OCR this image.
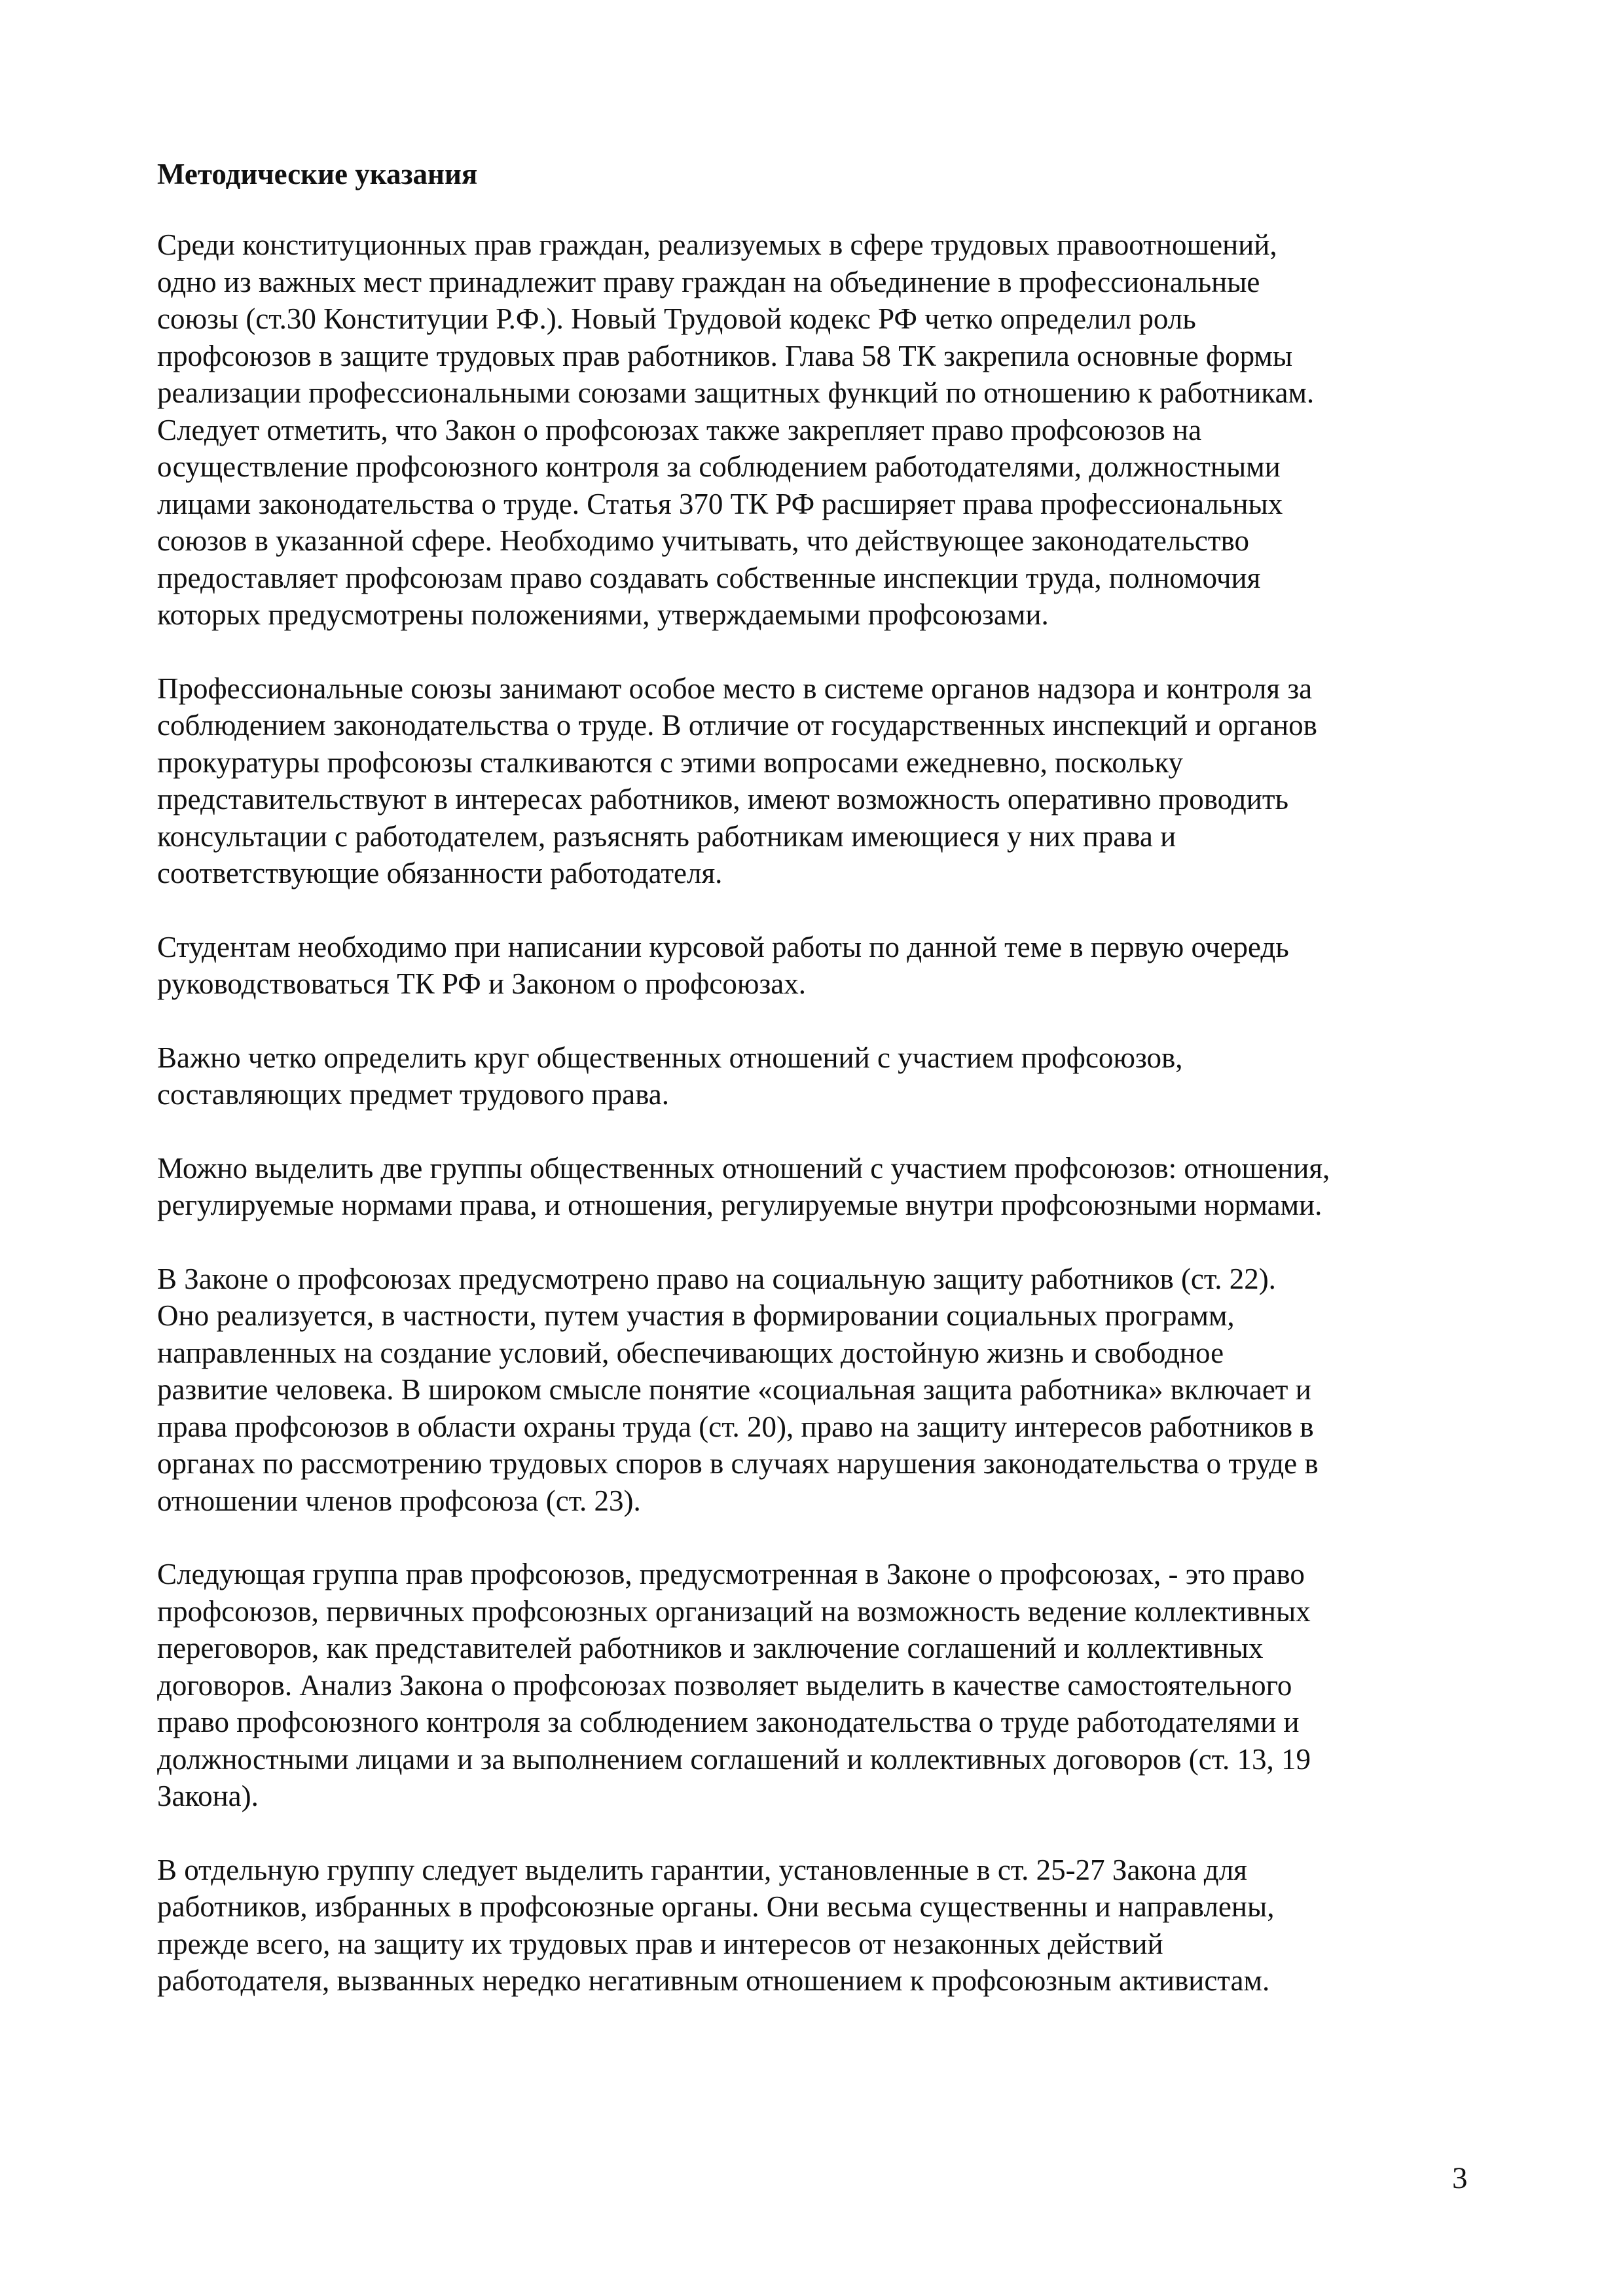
Методические указания

Среди конституционных прав граждан, реализуемых в сфере трудовых правоотношений,
одно из важных мест принадлежит праву граждан на объединение в профессиональные
союзы (ст.30 Конституции Р.Ф.). Новый Трудовой кодекс РФ четко определил роль
профсоюзов в защите трудовых прав работников. Глава 58 ТК закрепила основные формы
реализации профессиональными союзами защитных функций по отношению к работникам.
Следует отметить, что Закон о профсоюзах также закрепляет право профсоюзов на
осуществление профсоюзного контроля за соблюдением работодателями, должностными
лицами законодательства о труде. Статья 370 ТК РФ расширяет права профессиональных
союзов в указанной сфере. Необходимо учитывать, что действующее законодательство
предоставляет профсоюзам право создавать собственные инспекции труда, полномочия
которых предусмотрены положениями, утверждаемыми профсоюзами.

Профессиональные союзы занимают особое место в системе органов надзора и контроля за
соблюдением законодательства о труде. В отличие от государственных инспекций и органов
прокуратуры профсоюзы сталкиваются с этими вопросами ежедневно, поскольку
представительствуют в интересах работников, имеют возможность оперативно проводить
консультации с работодателем, разъяснять работникам имеющиеся у них права и
соответствующие обязанности работодателя.

Студентам необходимо при написании курсовой работы по данной теме в первую очередь
руководствоваться ТК РФ и Законом о профсоюзах.

Важно четко определить круг общественных отношений с участием профсоюзов,
составляющих предмет трудового права.

Можно выделить две группы общественных отношений с участием профсоюзов: отношения,
регулируемые нормами права, и отношения, регулируемые внутри профсоюзными нормами.

В Законе о профсоюзах предусмотрено право на социальную защиту работников (ст. 22).
Оно реализуется, в частности, путем участия в формировании социальных программ,
направленных на создание условий, обеспечивающих достойную жизнь и свободное
развитие человека. В широком смысле понятие «социальная защита работника» включает и
права профсоюзов в области охраны труда (ст. 20), право на защиту интересов работников в
органах по рассмотрению трудовых споров в случаях нарушения законодательства о труде в
отношении членов профсоюза (ст. 23).

Следующая группа прав профсоюзов, предусмотренная в Законе о профсоюзах, - это право
профсоюзов, первичных профсоюзных организаций на возможность ведение коллективных
переговоров, как представителей работников и заключение соглашений и коллективных
договоров. Анализ Закона о профсоюзах позволяет выделить в качестве самостоятельного
право профсоюзного контроля за соблюдением законодательства о труде работодателями и
должностными лицами и за выполнением соглашений и коллективных договоров (ст. 13, 19
Закона).

В отдельную группу следует выделить гарантии, установленные в ст. 25-27 Закона для
работников, избранных в профсоюзные органы. Они весьма существенны и направлены,
прежде всего, на защиту их трудовых прав и интересов от незаконных действий
работодателя, вызванных нередко негативным отношением к профсоюзным активистам.

3
